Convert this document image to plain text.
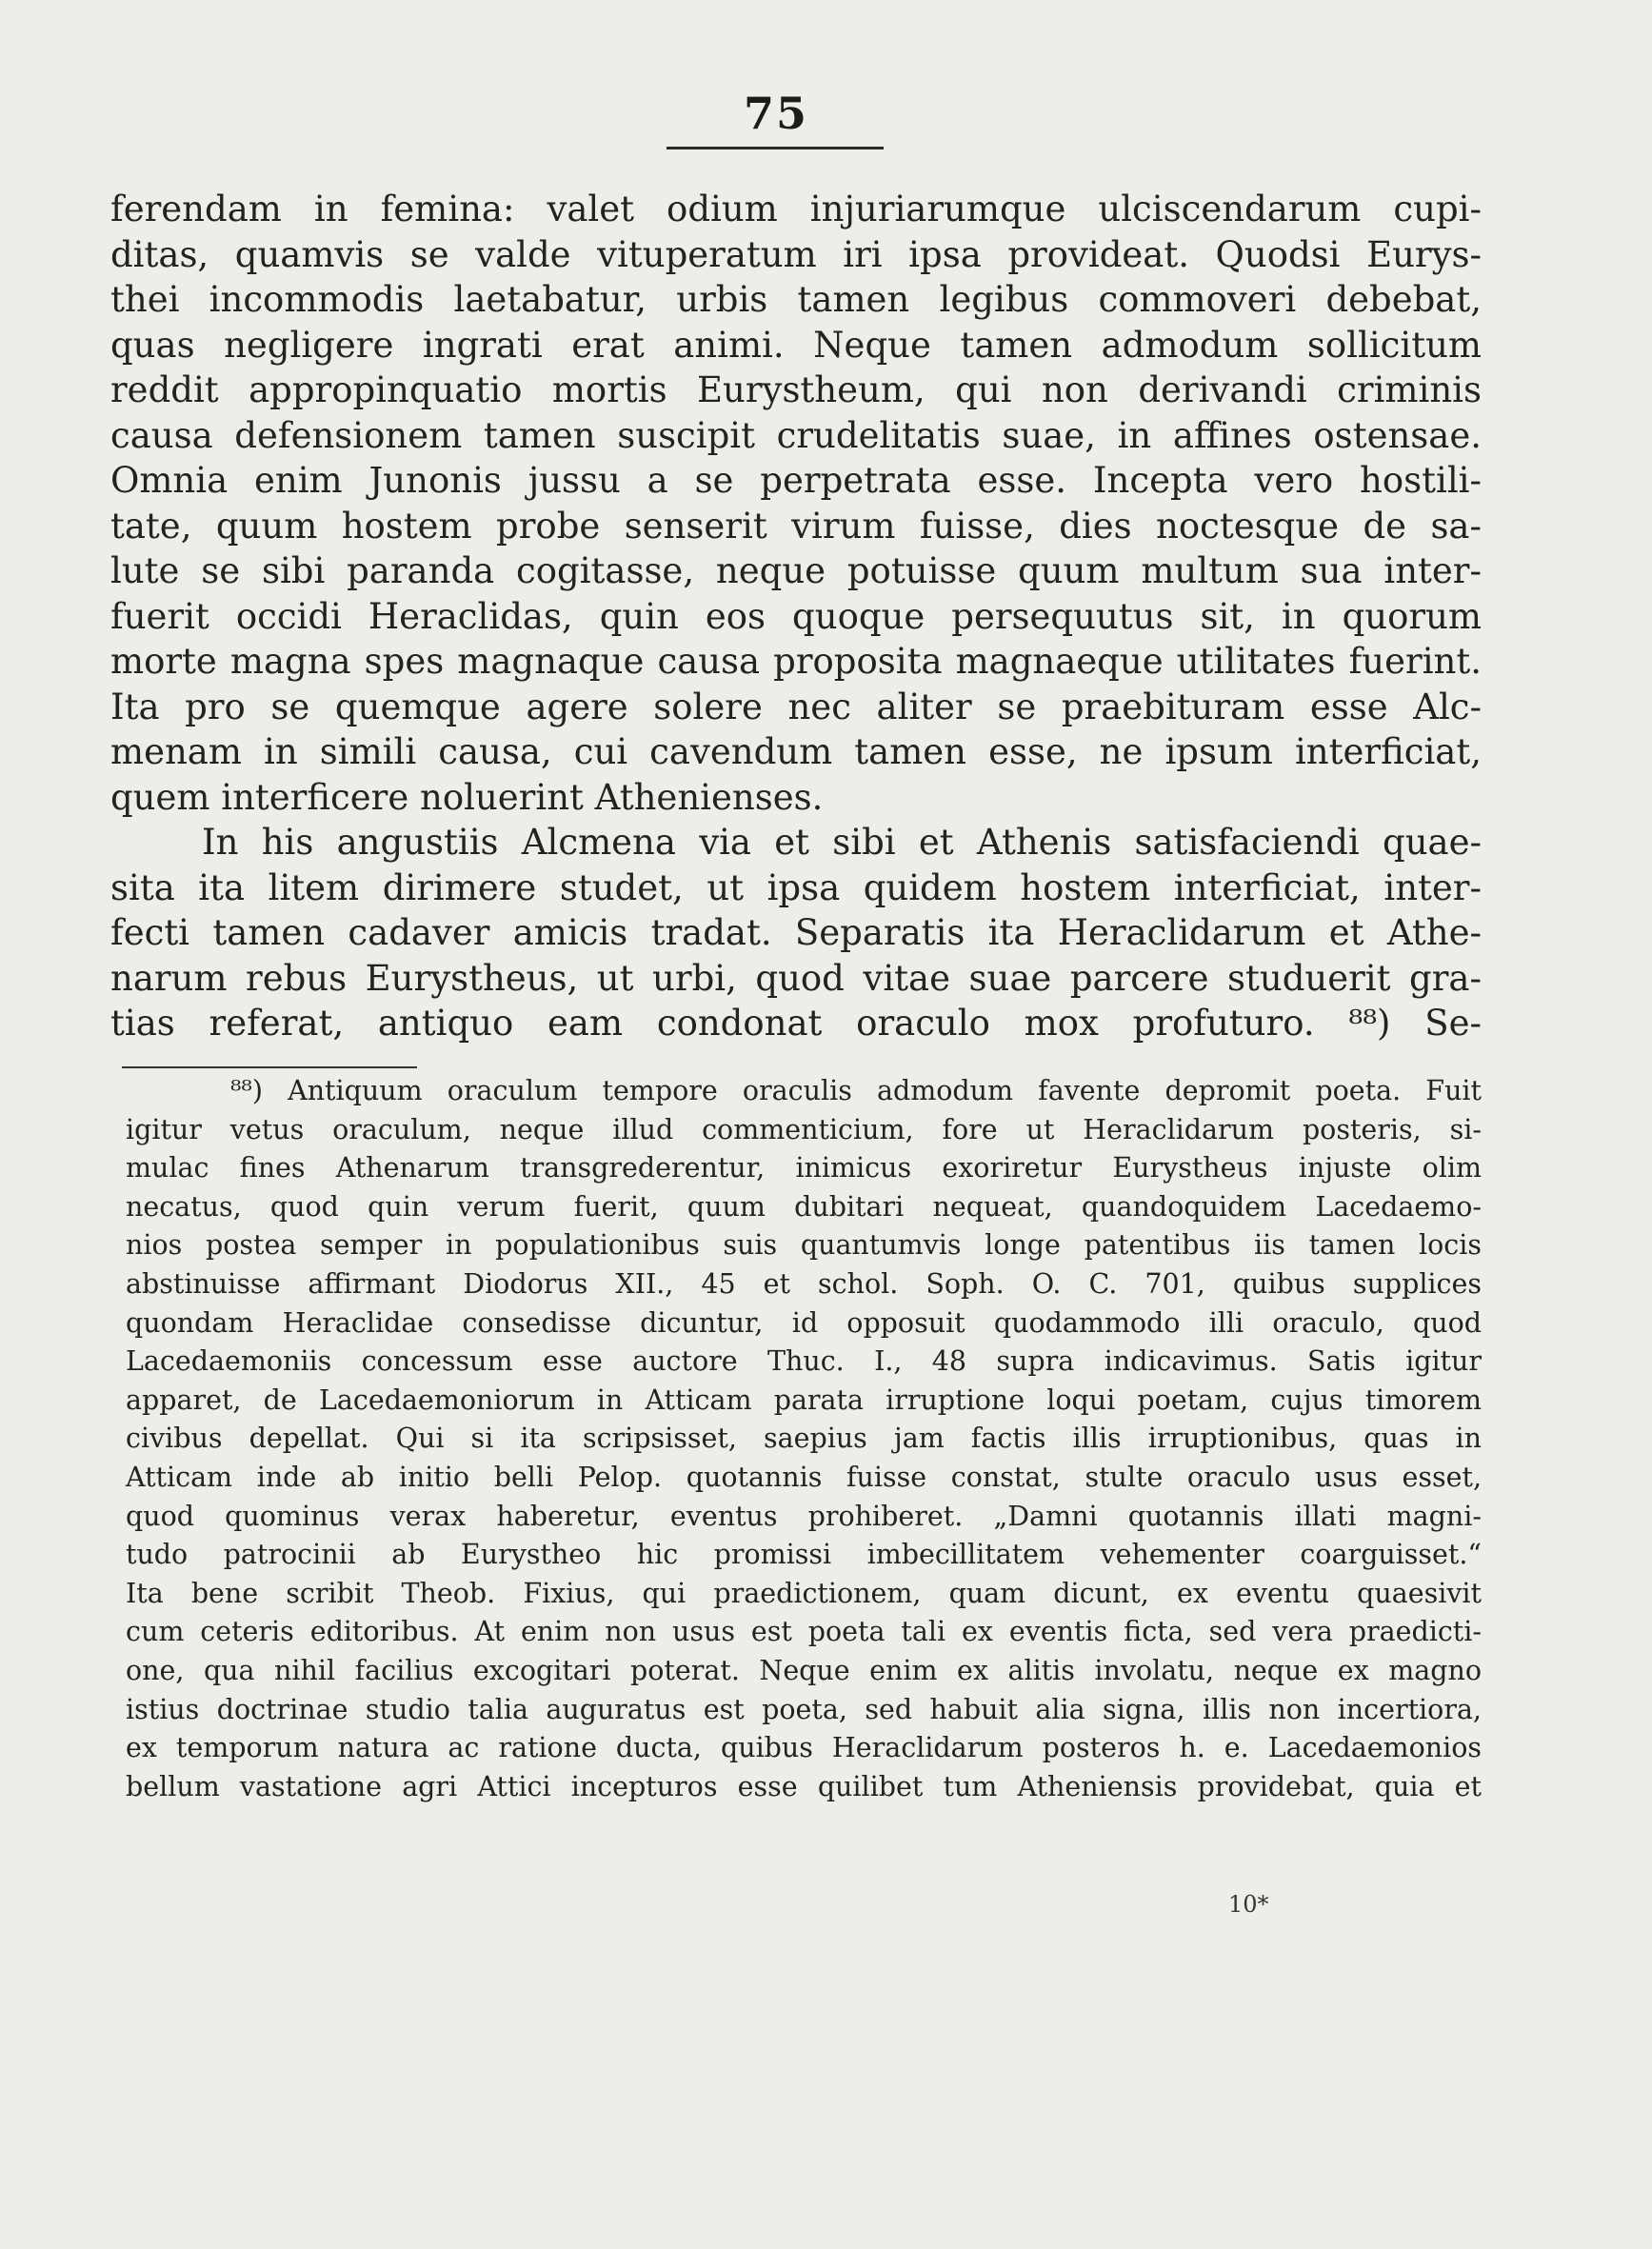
75
ferendam in femina: valet odium injuriarumque ulciscendarum cupi-
ditas, quamvis se valde vituperatum iri ipsa provideat. Quodsi Eurys-
thei incommodis laetabatur, urbis tamen legibus commoveri debebat,
quas negligere ingrati erat animi. Neque tamen admodum sollicitum
reddit appropinquatio mortis Eurystheum, qui non derivandi criminis
causa defensionem tamen suscipit crudelitatis suae, in affines ostensae.
Omnia enim Junonis jussu a se perpetrata esse. Incepta vero hostili-
tate, quum hostem probe senserit virum fuisse, dies noctesque de sa-
lute se sibi paranda cogitasse, neque potuisse quum multum sua inter-
fuerit occidi Heraclidas, quin eos quoque persequutus sit, in quorum
morte magna spes magnaque causa proposita magnaeque utilitates fuerint.
Ita pro se quemque agere solere nec aliter se praebituram esse Alc-
menam in simili causa, cui cavendum tamen esse, ne ipsum interficiat,
quem interficere noluerint Athenienses.
In his angustiis Alcmena via et sibi et Athenis satisfaciendi quae-
sita ita litem dirimere studet, ut ipsa quidem hostem interficiat, inter-
fecti tamen cadaver amicis tradat. Separatis ita Heraclidarum et Athe-
narum rebus Eurystheus, ut urbi, quod vitae suae parcere studuerit gra-
tias referat, antiquo eam condonat oraculo mox profuturo. ⁸⁸) Se-
⁸⁸) Antiquum oraculum tempore oraculis admodum favente depromit poeta. Fuit
igitur vetus oraculum, neque illud commenticium, fore ut Heraclidarum posteris, si-
mulac fines Athenarum transgrederentur, inimicus exoriretur Eurystheus injuste olim
necatus, quod quin verum fuerit, quum dubitari nequeat, quandoquidem Lacedaemo-
nios postea semper in populationibus suis quantumvis longe patentibus iis tamen locis
abstinuisse affirmant Diodorus XII., 45 et schol. Soph. O. C. 701, quibus supplices
quondam Heraclidae consedisse dicuntur, id opposuit quodammodo illi oraculo, quod
Lacedaemoniis concessum esse auctore Thuc. I., 48 supra indicavimus. Satis igitur
apparet, de Lacedaemoniorum in Atticam parata irruptione loqui poetam, cujus timorem
civibus depellat. Qui si ita scripsisset, saepius jam factis illis irruptionibus, quas in
Atticam inde ab initio belli Pelop. quotannis fuisse constat, stulte oraculo usus esset,
quod quominus verax haberetur, eventus prohiberet. „Damni quotannis illati magni-
tudo patrocinii ab Eurystheo hic promissi imbecillitatem vehementer coarguisset.“
Ita bene scribit Theob. Fixius, qui praedictionem, quam dicunt, ex eventu quaesivit
cum ceteris editoribus. At enim non usus est poeta tali ex eventis ficta, sed vera praedicti-
one, qua nihil facilius excogitari poterat. Neque enim ex alitis involatu, neque ex magno
istius doctrinae studio talia auguratus est poeta, sed habuit alia signa, illis non incertiora,
ex temporum natura ac ratione ducta, quibus Heraclidarum posteros h. e. Lacedaemonios
bellum vastatione agri Attici incepturos esse quilibet tum Atheniensis providebat, quia et
10*
